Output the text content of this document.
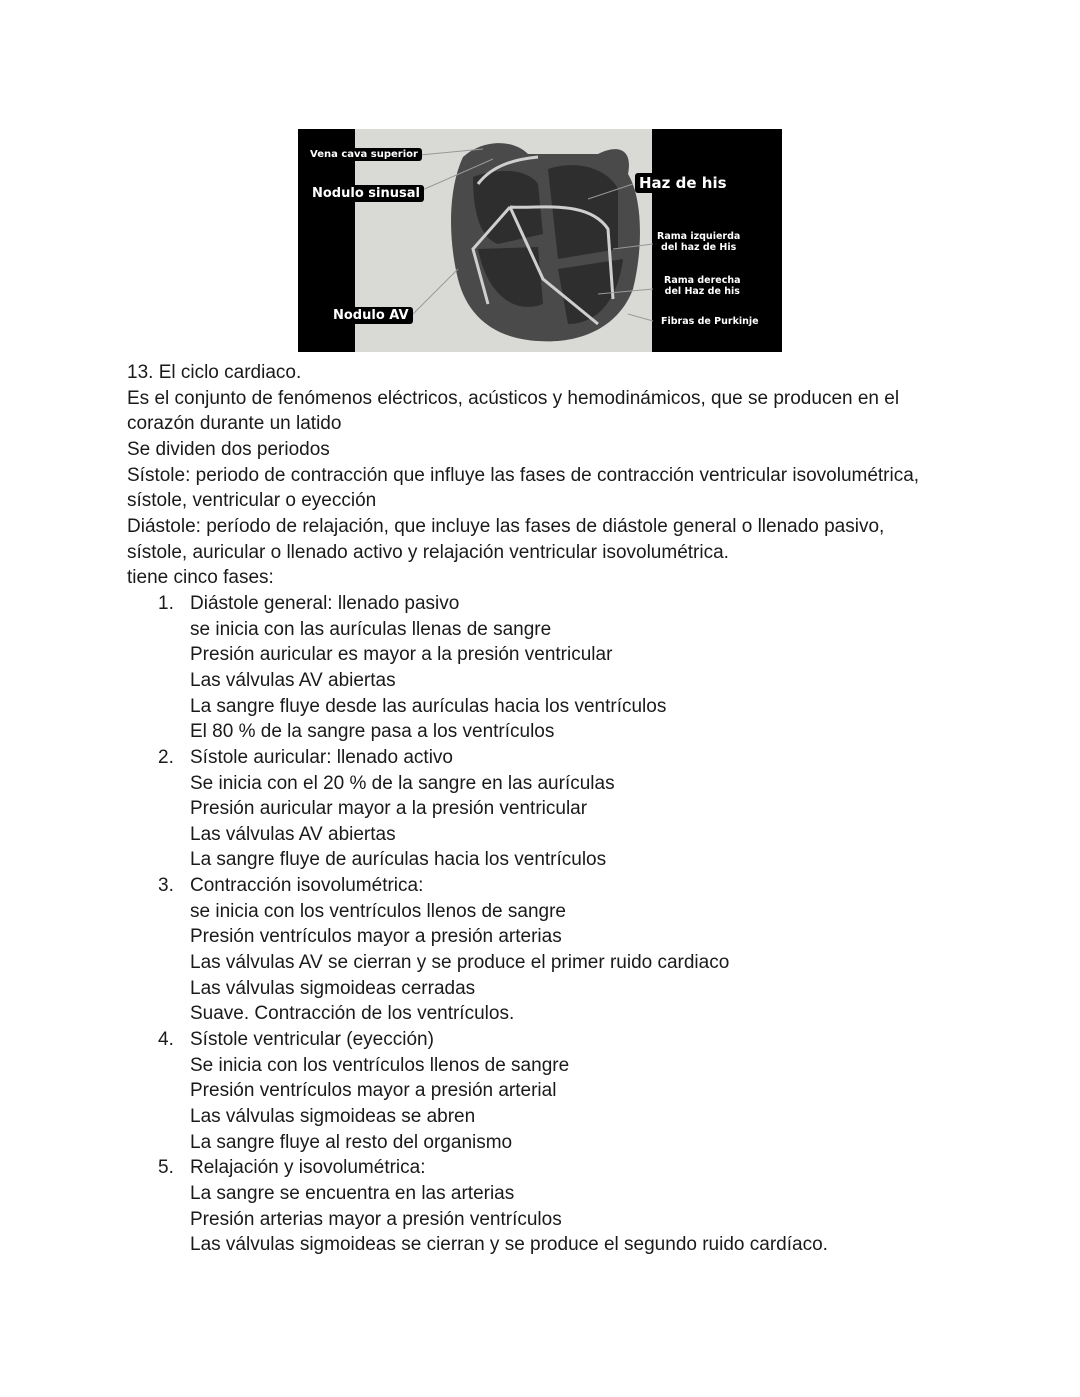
Vena cava superior
Nodulo sinusal
Nodulo AV
Haz de his
Rama izquierda
del haz de His
Rama derecha
del Haz de his
Fibras de Purkinje

13. El ciclo cardiaco.

Es el conjunto de fenómenos eléctricos, acústicos y hemodinámicos, que se producen en el

corazón durante un latido

Se dividen dos periodos

Sístole: periodo de contracción que influye las fases de contracción ventricular isovolumétrica,

sístole, ventricular o eyección

Diástole: período de relajación, que incluye las fases de diástole general o llenado pasivo,

sístole, auricular o llenado activo y relajación ventricular isovolumétrica.

tiene cinco fases:

1. Diástole general: llenado pasivo
se inicia con las aurículas llenas de sangre
Presión auricular es mayor a la presión ventricular
Las válvulas AV abiertas
La sangre fluye desde las aurículas hacia los ventrículos
El 80 % de la sangre pasa a los ventrículos
2. Sístole auricular: llenado activo
Se inicia con el 20 % de la sangre en las aurículas
Presión auricular mayor a la presión ventricular
Las válvulas AV abiertas
La sangre fluye de aurículas hacia los ventrículos
3. Contracción isovolumétrica:
se inicia con los ventrículos llenos de sangre
Presión ventrículos mayor a presión arterias
Las válvulas AV se cierran y se produce el primer ruido cardiaco
Las válvulas sigmoideas cerradas
Suave. Contracción de los ventrículos.
4. Sístole ventricular (eyección)
Se inicia con los ventrículos llenos de sangre
Presión ventrículos mayor a presión arterial
Las válvulas sigmoideas se abren
La sangre fluye al resto del organismo
5. Relajación y isovolumétrica:
La sangre se encuentra en las arterias
Presión arterias mayor a presión ventrículos
Las válvulas sigmoideas se cierran y se produce el segundo ruido cardíaco.
